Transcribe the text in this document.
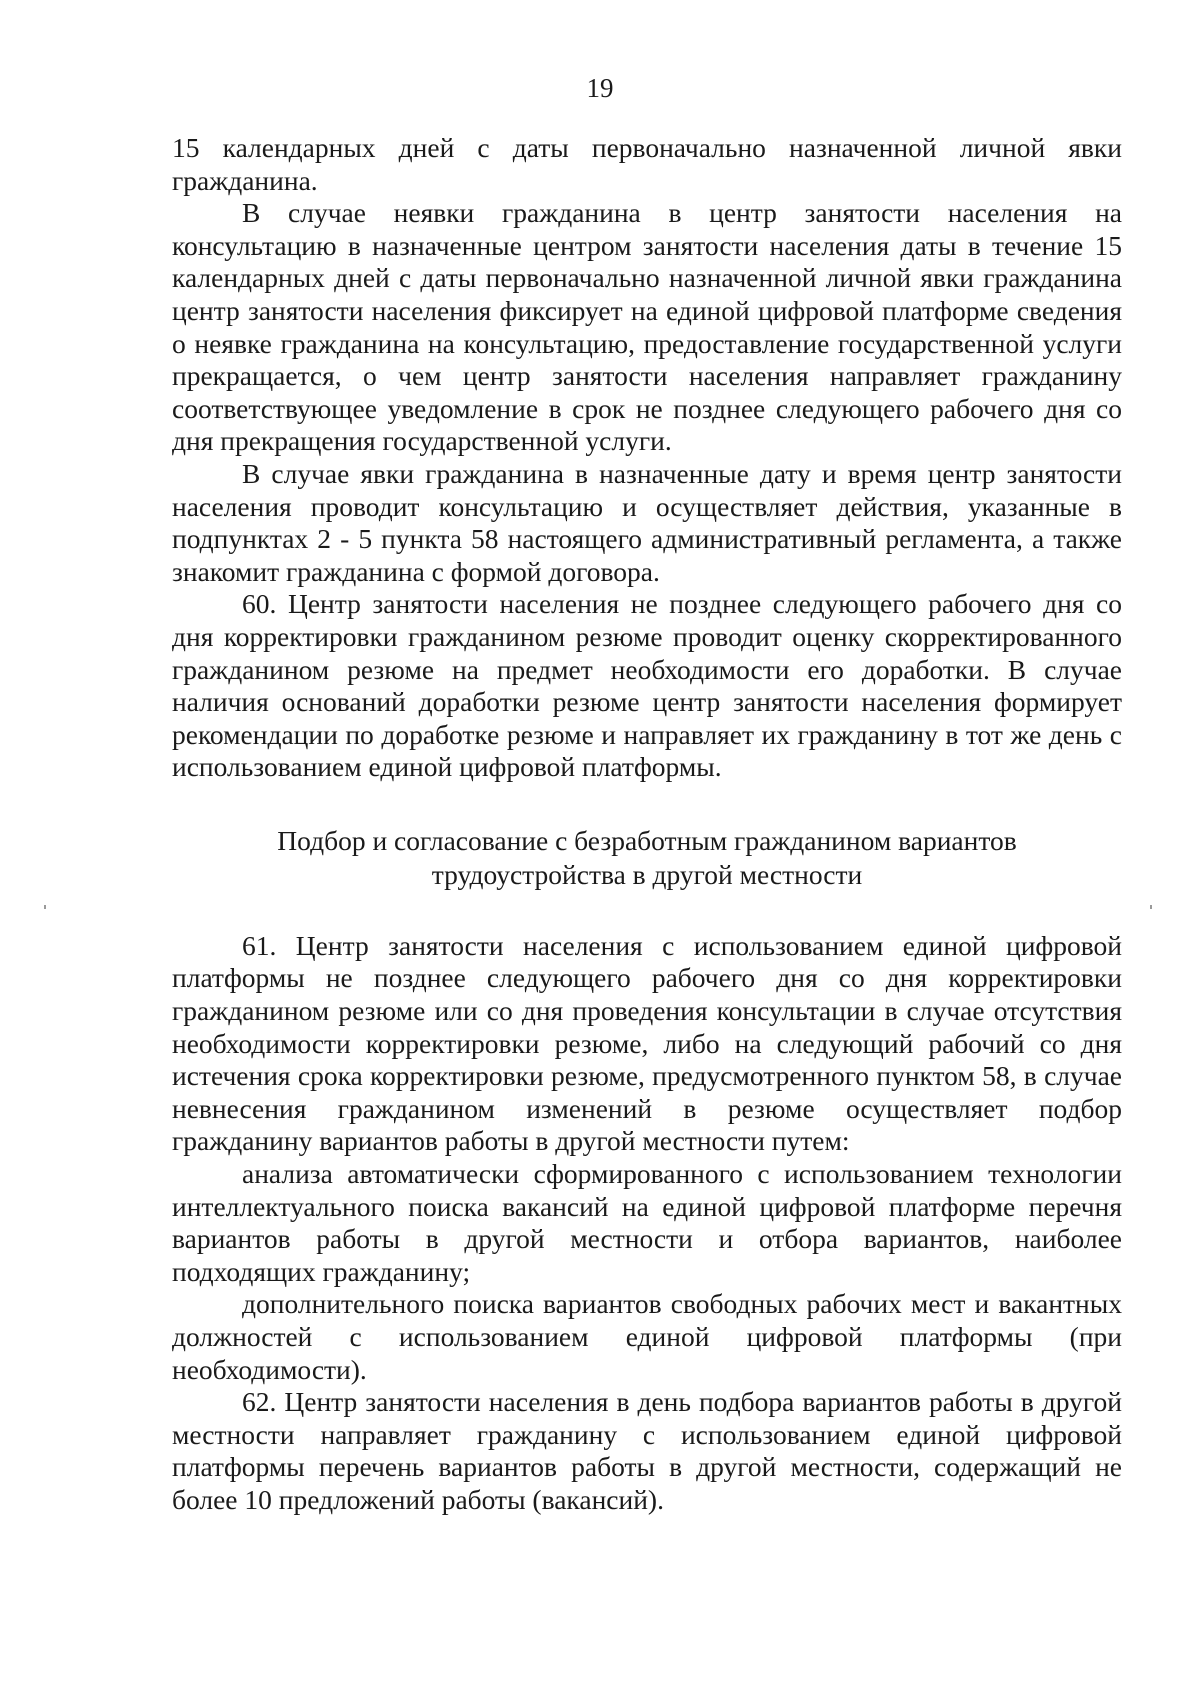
19

15 календарных дней с даты первоначально назначенной личной явки гражданина.

В случае неявки гражданина в центр занятости населения на консультацию в назначенные центром занятости населения даты в течение 15 календарных дней с даты первоначально назначенной личной явки гражданина центр занятости населения фиксирует на единой цифровой платформе сведения о неявке гражданина на консультацию, предоставление государственной услуги прекращается, о чем центр занятости населения направляет гражданину соответствующее уведомление в срок не позднее следующего рабочего дня со дня прекращения государственной услуги.

В случае явки гражданина в назначенные дату и время центр занятости населения проводит консультацию и осуществляет действия, указанные в подпунктах 2 - 5 пункта 58 настоящего административный регламента, а также знакомит гражданина с формой договора.

60. Центр занятости населения не позднее следующего рабочего дня со дня корректировки гражданином резюме проводит оценку скорректированного гражданином резюме на предмет необходимости его доработки. В случае наличия оснований доработки резюме центр занятости населения формирует рекомендации по доработке резюме и направляет их гражданину в тот же день с использованием единой цифровой платформы.

Подбор и согласование с безработным гражданином вариантов
трудоустройства в другой местности

61. Центр занятости населения с использованием единой цифровой платформы не позднее следующего рабочего дня со дня корректировки гражданином резюме или со дня проведения консультации в случае отсутствия необходимости корректировки резюме, либо на следующий рабочий со дня истечения срока корректировки резюме, предусмотренного пунктом 58, в случае невнесения гражданином изменений в резюме осуществляет подбор гражданину вариантов работы в другой местности путем:

анализа автоматически сформированного с использованием технологии интеллектуального поиска вакансий на единой цифровой платформе перечня вариантов работы в другой местности и отбора вариантов, наиболее подходящих гражданину;

дополнительного поиска вариантов свободных рабочих мест и вакантных должностей с использованием единой цифровой платформы (при необходимости).

62. Центр занятости населения в день подбора вариантов работы в другой местности направляет гражданину с использованием единой цифровой платформы перечень вариантов работы в другой местности, содержащий не более 10 предложений работы (вакансий).
